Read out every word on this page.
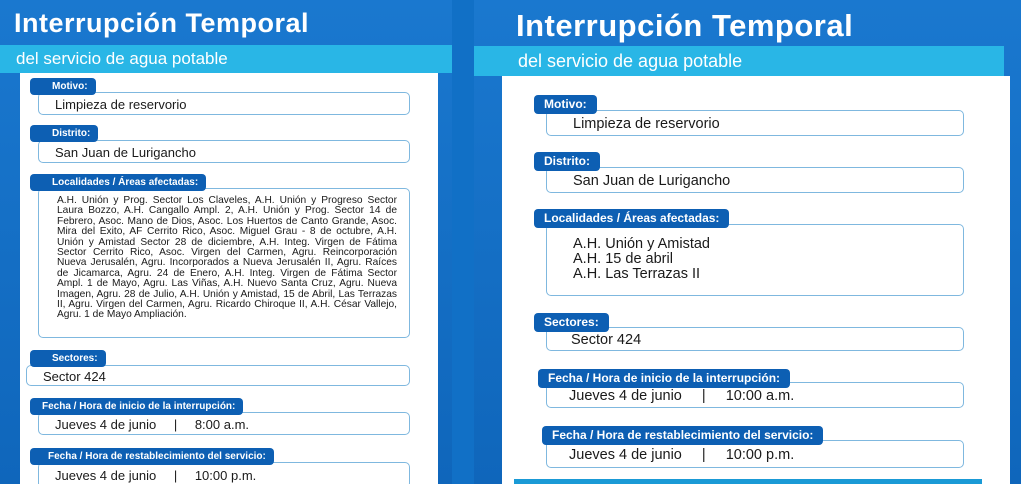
Interrupción Temporal
del servicio de agua potable
Limpieza de reservorio
Motivo:
San Juan de Lurigancho
Distrito:
A.H. Unión y Prog. Sector Los Claveles, A.H. Unión y Progreso Sector Laura Bozzo, A.H. Cangallo Ampl. 2, A.H. Unión y Prog. Sector 14 de Febrero, Asoc. Mano de Dios, Asoc. Los Huertos de Canto Grande, Asoc. Mira del Exito, AF Cerrito Rico, Asoc. Miguel Grau - 8 de octubre, A.H. Unión y Amistad Sector 28 de diciembre, A.H. Integ. Virgen de Fátima Sector Cerrito Rico, Asoc. Virgen del Carmen, Agru. Reincorporación Nueva Jerusalén, Agru. Incorporados a Nueva Jerusalén II, Agru. Raíces de Jicamarca, Agru. 24 de Enero, A.H. Integ. Virgen de Fátima Sector Ampl. 1 de Mayo, Agru. Las Viñas, A.H. Nuevo Santa Cruz, Agru. Nueva Imagen, Agru. 28 de Julio, A.H. Unión y Amistad, 15 de Abril, Las Terrazas II, Agru. Virgen del Carmen, Agru. Ricardo Chiroque II, A.H. César Vallejo, Agru. 1 de Mayo Ampliación.
Localidades / Áreas afectadas:
Sector 424
Sectores:
Jueves 4 de junio | 8:00 a.m.
Fecha / Hora de inicio de la interrupción:
Jueves 4 de junio | 10:00 p.m.
Fecha / Hora de restablecimiento del servicio:
Interrupción Temporal
del servicio de agua potable
Limpieza de reservorio
Motivo:
San Juan de Lurigancho
Distrito:
A.H. Unión y Amistad
A.H. 15 de abril
A.H. Las Terrazas II
Localidades / Áreas afectadas:
Sector 424
Sectores:
Jueves 4 de junio | 10:00 a.m.
Fecha / Hora de inicio de la interrupción:
Jueves 4 de junio | 10:00 p.m.
Fecha / Hora de restablecimiento del servicio:
